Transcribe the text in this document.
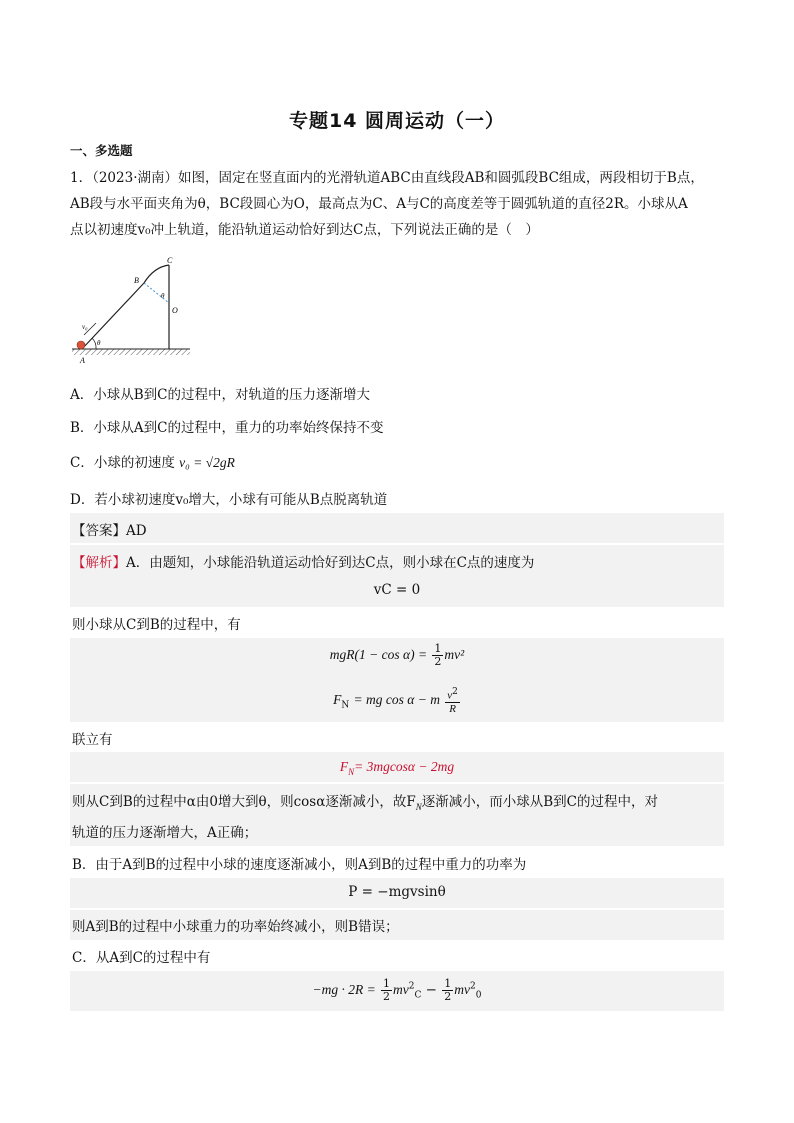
专题14 圆周运动（一）
一、多选题
1．（2023·湖南）如图，固定在竖直面内的光滑轨道ABC由直线段AB和圆弧段BC组成，两段相切于B点，
AB段与水平面夹角为θ，BC段圆心为O，最高点为C、A与C的高度差等于圆弧轨道的直径2R。小球从A
点以初速度v₀冲上轨道，能沿轨道运动恰好到达C点，下列说法正确的是（　）
C
B
O
A
θ
θ
v₀
A．小球从B到C的过程中，对轨道的压力逐渐增大
B．小球从A到C的过程中，重力的功率始终保持不变
C．小球的初速度 v₀ = √2gR
D．若小球初速度v₀增大，小球有可能从B点脱离轨道
【答案】AD
【解析】A．由题知，小球能沿轨道运动恰好到达C点，则小球在C点的速度为
vC = 0
则小球从C到B的过程中，有
$mgR(1 - \cos \alpha) = \frac{1}{2} mv^2$
$F_N$ = mg cos α − m $\frac{v^2}{R}$
联立有
$F_N= 3mgcos\alpha - 2mg$
则从C到B的过程中α由0增大到θ，则cosα逐渐减小，故$F_N$逐渐减小，而小球从B到C的过程中，对
轨道的压力逐渐增大，A正确；
B．由于A到B的过程中小球的速度逐渐减小，则A到B的过程中重力的功率为
P = −mgvsinθ
则A到B的过程中小球重力的功率始终减小，则B错误；
C．从A到C的过程中有
$-mg \cdot 2R = \frac{1}{2} mv^2_C - \frac{1}{2} mv^2_0$
